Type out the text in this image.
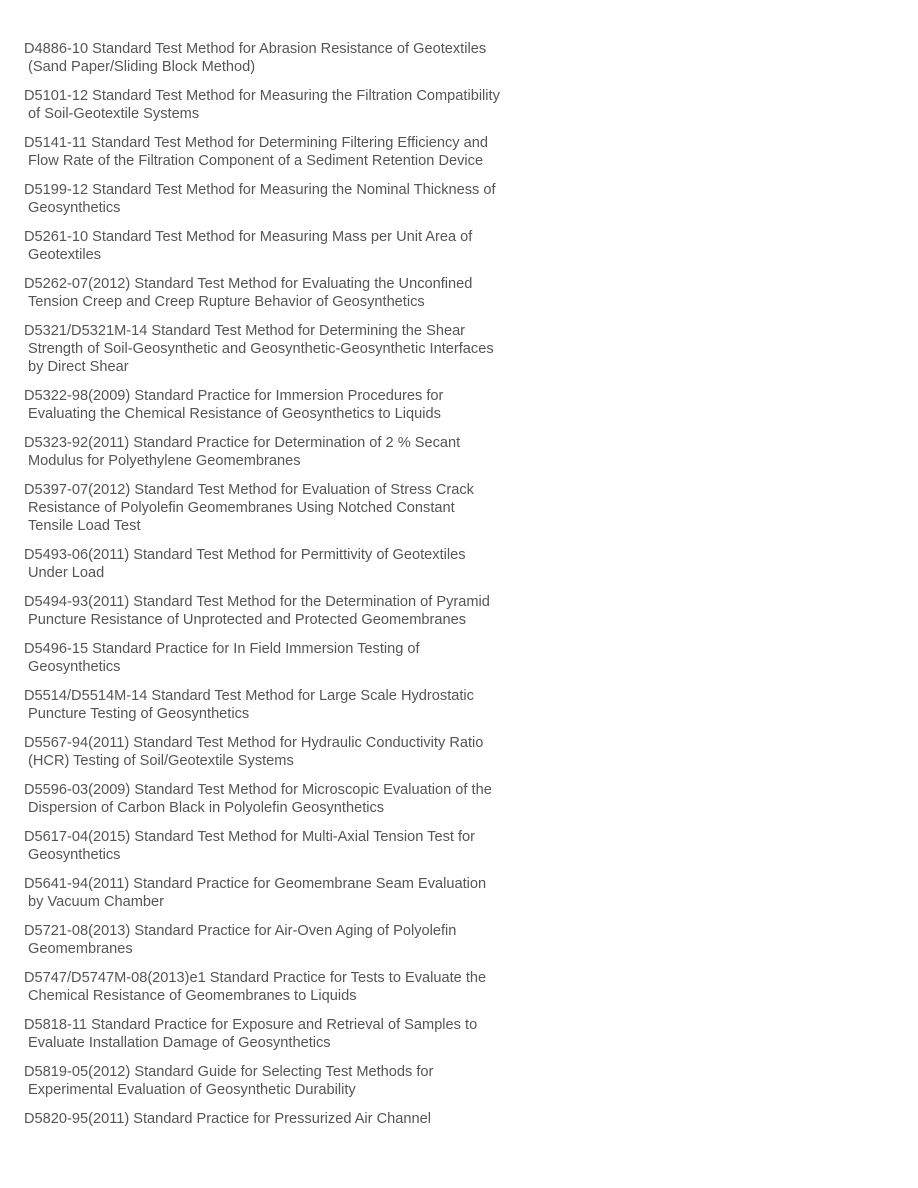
D4886-10 Standard Test Method for Abrasion Resistance of Geotextiles
(Sand Paper/Sliding Block Method)
D5101-12 Standard Test Method for Measuring the Filtration Compatibility
of Soil-Geotextile Systems
D5141-11 Standard Test Method for Determining Filtering Efficiency and
Flow Rate of the Filtration Component of a Sediment Retention Device
D5199-12 Standard Test Method for Measuring the Nominal Thickness of
Geosynthetics
D5261-10 Standard Test Method for Measuring Mass per Unit Area of
Geotextiles
D5262-07(2012) Standard Test Method for Evaluating the Unconfined
Tension Creep and Creep Rupture Behavior of Geosynthetics
D5321/D5321M-14 Standard Test Method for Determining the Shear
Strength of Soil-Geosynthetic and Geosynthetic-Geosynthetic Interfaces
by Direct Shear
D5322-98(2009) Standard Practice for Immersion Procedures for
Evaluating the Chemical Resistance of Geosynthetics to Liquids
D5323-92(2011) Standard Practice for Determination of 2 % Secant
Modulus for Polyethylene Geomembranes
D5397-07(2012) Standard Test Method for Evaluation of Stress Crack
Resistance of Polyolefin Geomembranes Using Notched Constant
Tensile Load Test
D5493-06(2011) Standard Test Method for Permittivity of Geotextiles
Under Load
D5494-93(2011) Standard Test Method for the Determination of Pyramid
Puncture Resistance of Unprotected and Protected Geomembranes
D5496-15 Standard Practice for In Field Immersion Testing of
Geosynthetics
D5514/D5514M-14 Standard Test Method for Large Scale Hydrostatic
Puncture Testing of Geosynthetics
D5567-94(2011) Standard Test Method for Hydraulic Conductivity Ratio
(HCR) Testing of Soil/Geotextile Systems
D5596-03(2009) Standard Test Method for Microscopic Evaluation of the
Dispersion of Carbon Black in Polyolefin Geosynthetics
D5617-04(2015) Standard Test Method for Multi-Axial Tension Test for
Geosynthetics
D5641-94(2011) Standard Practice for Geomembrane Seam Evaluation
by Vacuum Chamber
D5721-08(2013) Standard Practice for Air-Oven Aging of Polyolefin
Geomembranes
D5747/D5747M-08(2013)e1 Standard Practice for Tests to Evaluate the
Chemical Resistance of Geomembranes to Liquids
D5818-11 Standard Practice for Exposure and Retrieval of Samples to
Evaluate Installation Damage of Geosynthetics
D5819-05(2012) Standard Guide for Selecting Test Methods for
Experimental Evaluation of Geosynthetic Durability
D5820-95(2011) Standard Practice for Pressurized Air Channel
